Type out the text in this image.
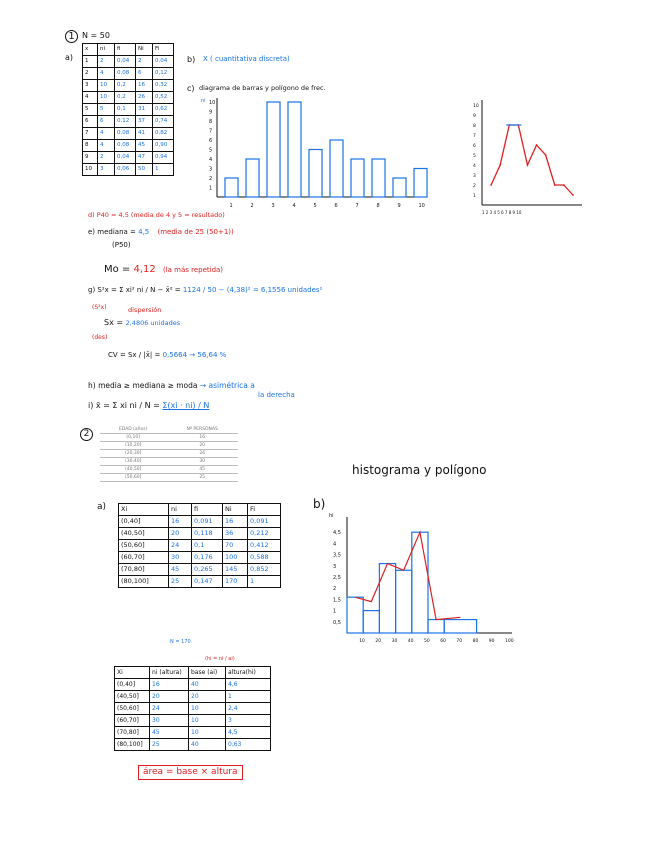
1 N = 50
a)
x	ni	fi	Ni	Fi
1	2	0,04	2	0,04
2	4	0,08	6	0,12
3	10	0,2	16	0,32
4	10	0,2	26	0,52
5	5	0,1	31	0,62
6	6	0,12	37	0,74
7	4	0,08	41	0,82
8	4	0,08	45	0,90
9	2	0,04	47	0,94
10	3	0,06	50	1
b) X ( cuantitativa discreta)
c) diagrama de barras y polígono de frec.
ni 10
9
8
7
6
5
4
3
2
1
1	2	3	4	5	6	7	8	9	10
10
9
8
7
6
5
4
3
2
1
1 2 3 4 5 6 7 8 9 10
d) P40 = 4,5 (media de 4 y 5 = resultado)
e) mediana = 4,5 (media de 25 (50+1))
(P50)
Mo = 4,12 (la más repetida)
g) S²x = Σ xi² ni / N − x̄² = 1124 / 50 − (4,38)² = 6,1556 unidades²
(S²x)	dispersión
Sx = 2,4806 unidades
(des)
CV = Sx / |x̄| = 0,5664 → 56,64 %
h) media ≥ mediana ≥ moda → asimétrica a
la derecha
i) x̄ = Σ xi ni / N = Σ(xi · ni) / N
2	EDAD (años)	Nº PERSONAS
(0,10]	16
(10,20]	20
(20,30]	24
(30,40]	30
(40,50]	45
(50,60]	25
histograma y polígono
a) Xi	ni	fi	Ni	Fi
(0,40]	16	0,091	16	0,091
(40,50]	20	0,118	36	0,212
(50,60]	24	0,1	70	0,412
(60,70]	30	0,176	100	0,588
(70,80]	45	0,265	145	0,852
(80,100]	25	0,147	170	1
N = 170
b)
hi
4,5
4
3,5
3
2,5
2
1,5
1
0,5
10 20 30 40 50 60 70 80 90 100
(hi = ni / ai)
Xi	ni (altura)	base (ai)	altura(hi)
(0,40]	16	40	4,6
(40,50]	20	20	1
(50,60]	24	10	2,4
(60,70]	30	10	3
(70,80]	45	10	4,5
(80,100]	25	40	0,63
área = base × altura
